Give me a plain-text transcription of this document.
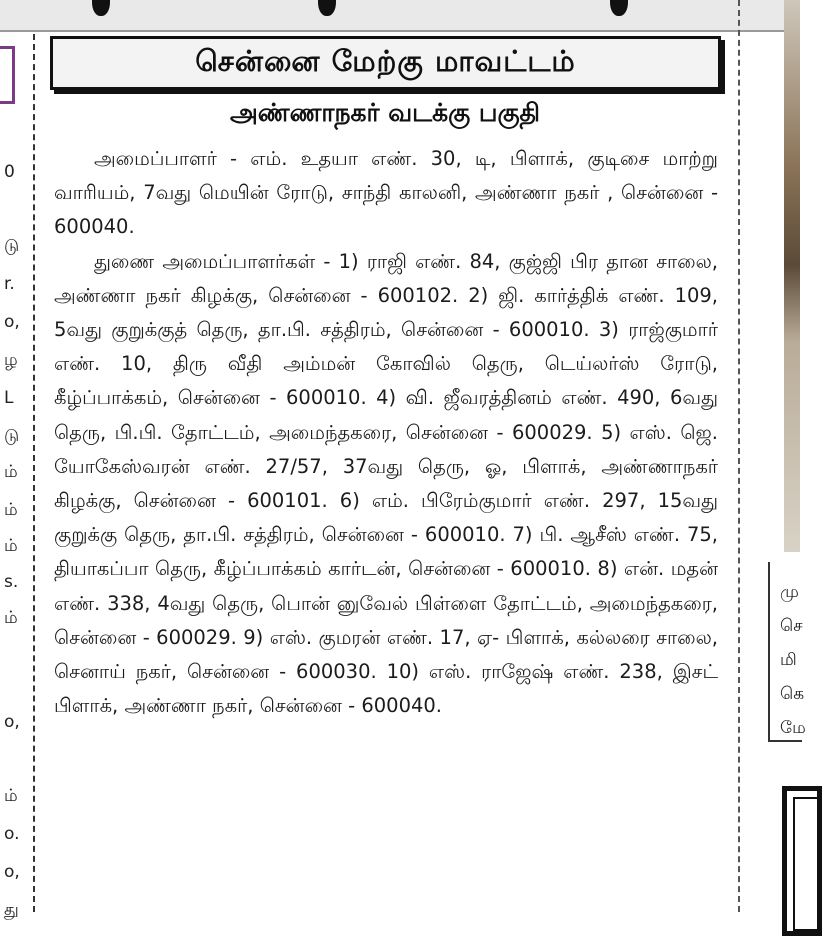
0
டு
r.
o,
ழ
L
டு
ம்
ம்
ம்
s.
ம்
o,
ம்
o.
o,
து
சென்னை மேற்கு மாவட்டம்
அண்ணாநகர் வடக்கு பகுதி

அமைப்பாளர் - எம். உதயா எண். 30, டி, பிளாக், குடிசை மாற்று வாரியம், 7வது மெயின் ரோடு, சாந்தி காலனி, அண்ணா நகர் , சென்னை - 600040.

துணை அமைப்பாளர்கள் - 1) ராஜி எண். 84, குஜ்ஜி பிர தான சாலை, அண்ணா நகர் கிழக்கு, சென்னை - 600102. 2) ஜி. கார்த்திக் எண். 109, 5வது குறுக்குத் தெரு, தா.பி. சத்திரம், சென்னை - 600010. 3) ராஜ்குமார் எண். 10, திரு வீதி அம்மன் கோவில் தெரு, டெய்லர்ஸ் ரோடு, கீழ்ப்பாக்கம், சென்னை - 600010. 4) வி. ஜீவரத்தினம் எண். 490, 6வது தெரு, பி.பி. தோட்டம், அமைந்தகரை, சென்னை - 600029. 5) எஸ். ஜெ. யோகேஸ்வரன் எண். 27/57, 37வது தெரு, ஓ, பிளாக், அண்ணாநகர் கிழக்கு, சென்னை - 600101. 6) எம். பிரேம்குமார் எண். 297, 15வது குறுக்கு தெரு, தா.பி. சத்திரம், சென்னை - 600010. 7) பி. ஆசீஸ் எண். 75, தியாகப்பா தெரு, கீழ்ப்பாக்கம் கார்டன், சென்னை - 600010. 8) என். மதன் எண். 338, 4வது தெரு, பொன் னுவேல் பிள்ளை தோட்டம், அமைந்தகரை, சென்னை - 600029. 9) எஸ். குமரன் எண். 17, ஏ- பிளாக், கல்லரை சாலை, செனாய் நகர், சென்னை - 600030. 10) எஸ். ராஜேஷ் எண். 238, இசட் பிளாக், அண்ணா நகர், சென்னை - 600040.

மு
செ
மி
கெ
மே
